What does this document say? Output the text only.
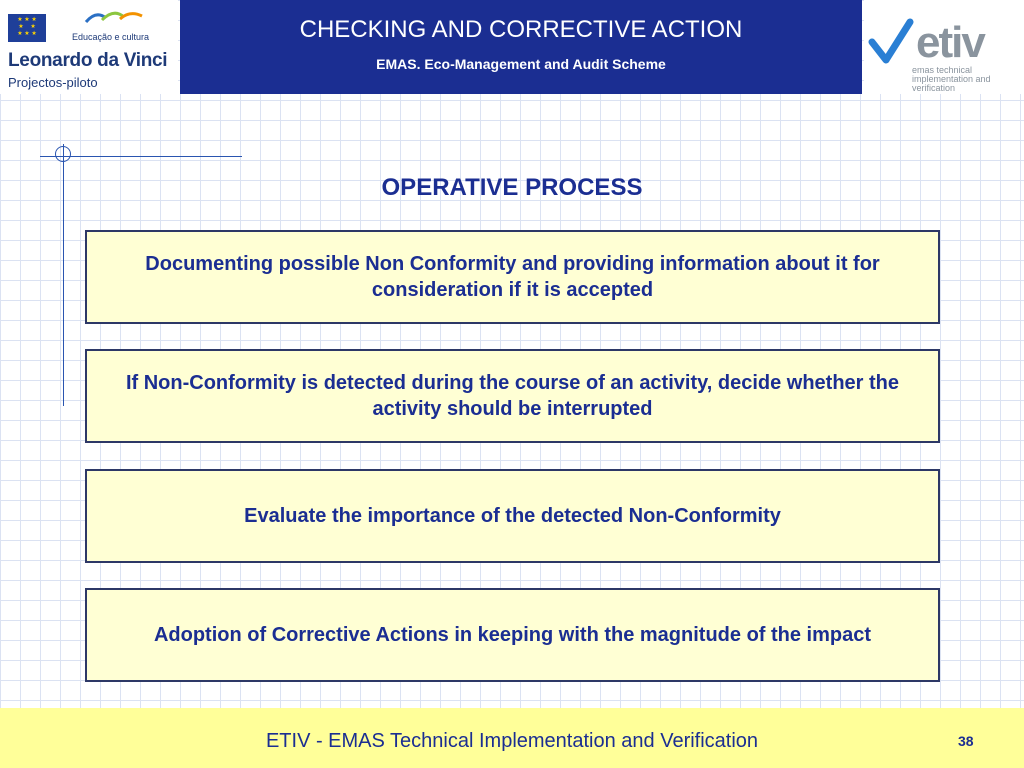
★ ★ ★
★    ★
★ ★ ★	Educação e cultura
Leonardo da Vinci
Projectos-piloto
CHECKING AND CORRECTIVE ACTION
EMAS. Eco-Management and Audit Scheme	etiv
emas technical implementation and verification
OPERATIVE PROCESS
Documenting possible Non Conformity and providing information about it for consideration if it is accepted
If Non-Conformity is detected during the course of an activity, decide whether the activity should be interrupted
Evaluate the importance of the detected Non-Conformity
Adoption of Corrective Actions in keeping with the magnitude of the impact
ETIV - EMAS Technical Implementation and Verification	38
